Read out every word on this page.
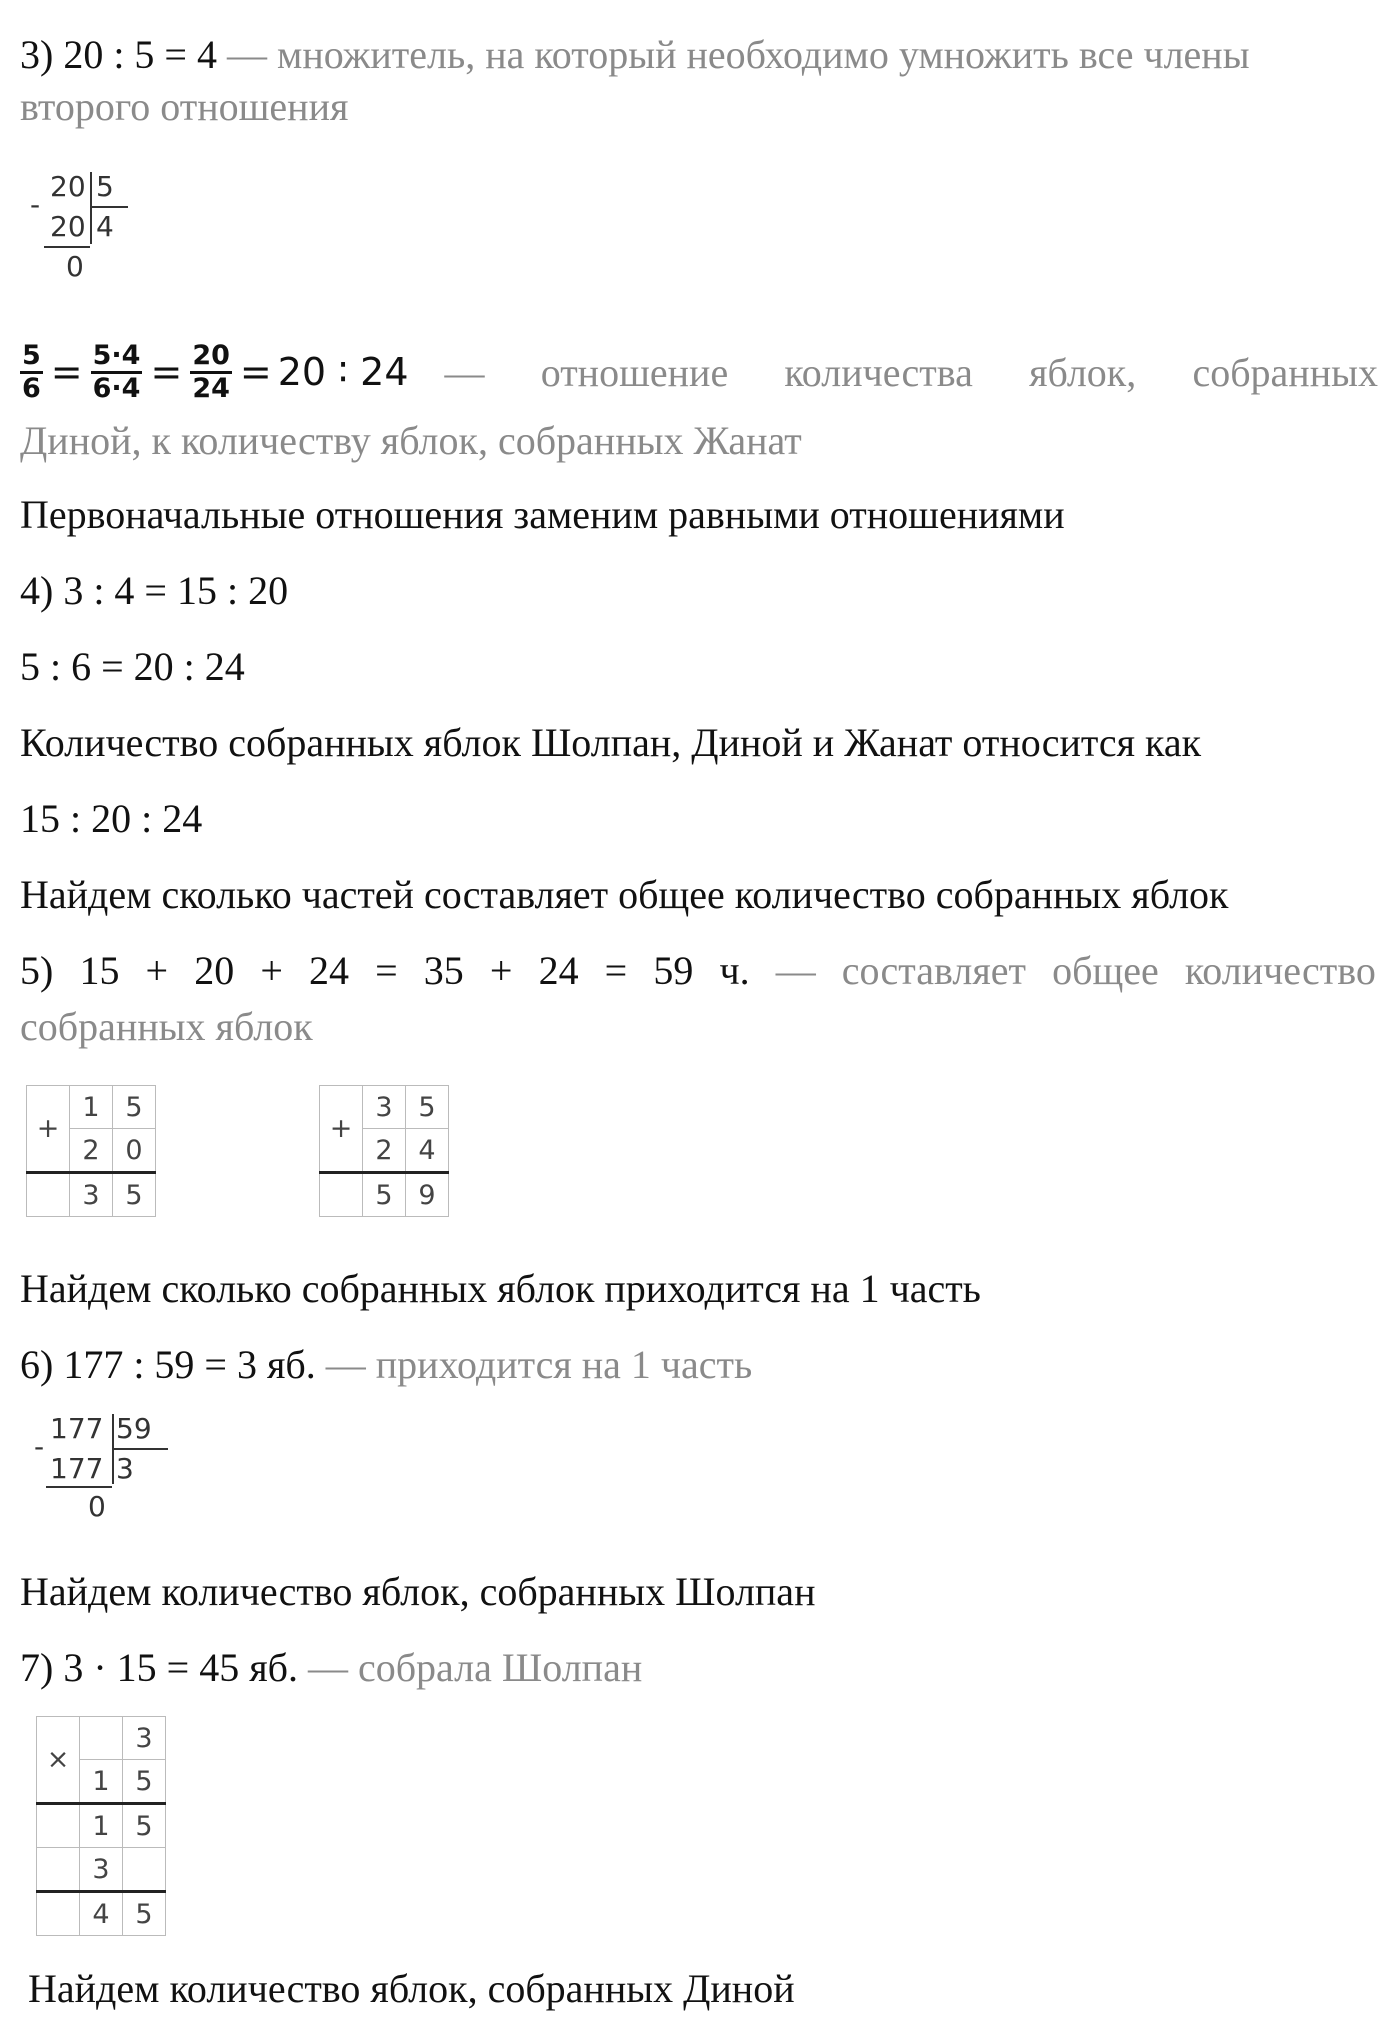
3) 20 : 5 = 4 — множитель, на который необходимо умножить все члены
второго отношения
20 5
-
20 4
0
$\frac{5}{6} = \frac{5\cdot 4}{6\cdot 4} = \frac{20}{24} = 20$ ∶ 24 — отношение количества яблок, собранных
Диной, к количеству яблок, собранных Жанат
Первоначальные отношения заменим равными отношениями
4) 3 : 4 = 15 : 20
5 : 6 = 20 : 24
Количество собранных яблок Шолпан, Диной и Жанат относится как
15 : 20 : 24
Найдем сколько частей составляет общее количество собранных яблок
5) 15 + 20 + 24 = 35 + 24 = 59 ч. — составляет общее количество
собранных яблок
+	1	5
	2	0
	3	5
+	3	5
	2	4
	5	9
Найдем сколько собранных яблок приходится на 1 часть
6) 177 : 59 = 3 яб. — приходится на 1 часть
177 59
-
177 3
0
Найдем количество яблок, собранных Шолпан
7) 3 · 15 = 45 яб. — собрала Шолпан
×		3
	1	5
	1	5
	3	
	4	5
Найдем количество яблок, собранных Диной
